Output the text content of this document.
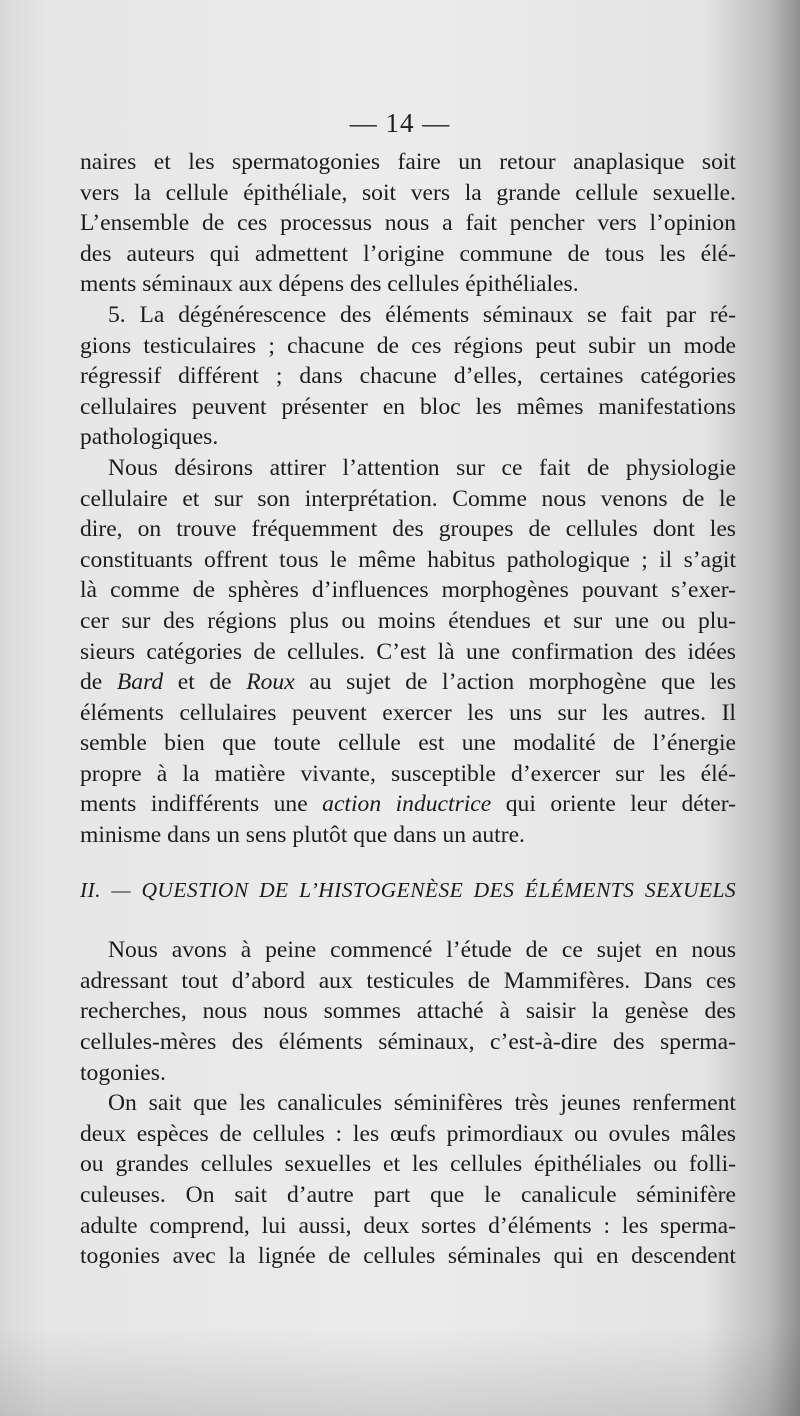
— 14 —
naires et les spermatogonies faire un retour anaplasique soit
vers la cellule épithéliale, soit vers la grande cellule sexuelle.
L’ensemble de ces processus nous a fait pencher vers l’opinion
des auteurs qui admettent l’origine commune de tous les élé-
ments séminaux aux dépens des cellules épithéliales.
5. La dégénérescence des éléments séminaux se fait par ré-
gions testiculaires ; chacune de ces régions peut subir un mode
régressif différent ; dans chacune d’elles, certaines catégories
cellulaires peuvent présenter en bloc les mêmes manifestations
pathologiques.
Nous désirons attirer l’attention sur ce fait de physiologie
cellulaire et sur son interprétation. Comme nous venons de le
dire, on trouve fréquemment des groupes de cellules dont les
constituants offrent tous le même habitus pathologique ; il s’agit
là comme de sphères d’influences morphogènes pouvant s’exer-
cer sur des régions plus ou moins étendues et sur une ou plu-
sieurs catégories de cellules. C’est là une confirmation des idées
de Bard et de Roux au sujet de l’action morphogène que les
éléments cellulaires peuvent exercer les uns sur les autres. Il
semble bien que toute cellule est une modalité de l’énergie
propre à la matière vivante, susceptible d’exercer sur les élé-
ments indifférents une action inductrice qui oriente leur déter-
minisme dans un sens plutôt que dans un autre.
II. — QUESTION DE L’HISTOGENÈSE DES ÉLÉMENTS SEXUELS
Nous avons à peine commencé l’étude de ce sujet en nous
adressant tout d’abord aux testicules de Mammifères. Dans ces
recherches, nous nous sommes attaché à saisir la genèse des
cellules-mères des éléments séminaux, c’est-à-dire des sperma-
togonies.
On sait que les canalicules séminifères très jeunes renferment
deux espèces de cellules : les œufs primordiaux ou ovules mâles
ou grandes cellules sexuelles et les cellules épithéliales ou folli-
culeuses. On sait d’autre part que le canalicule séminifère
adulte comprend, lui aussi, deux sortes d’éléments : les sperma-
togonies avec la lignée de cellules séminales qui en descendent
